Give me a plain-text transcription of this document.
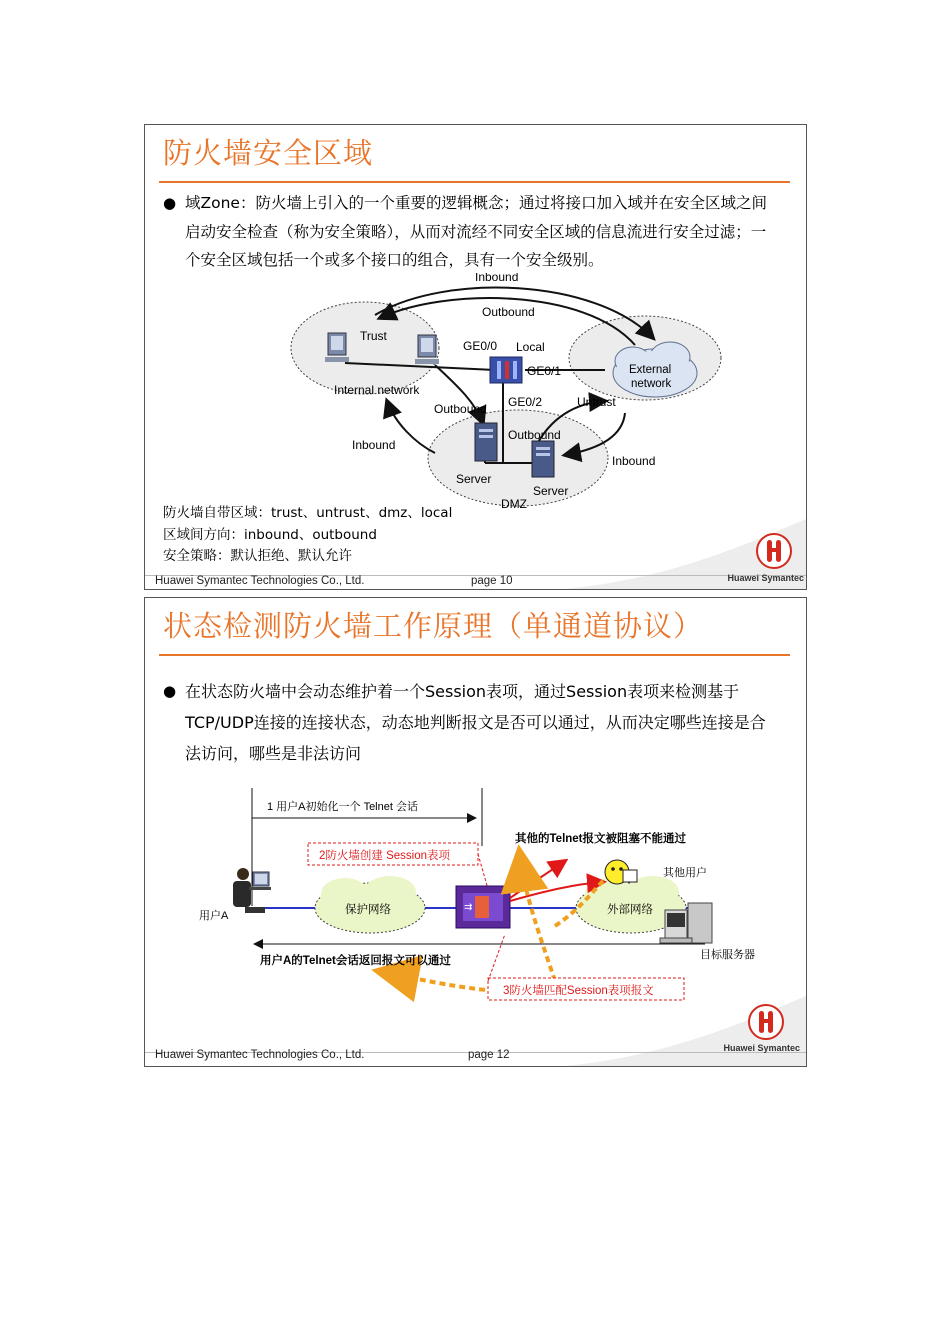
防火墙安全区域
● 域Zone：防火墙上引入的一个重要的逻辑概念；通过将接口加入域并在安全区域之间启动安全检查（称为安全策略），从而对流经不同安全区域的信息流进行安全过滤；一个安全区域包括一个或多个接口的组合，具有一个安全级别。
Inbound
Outbound
Trust
Internal network
GE0/0 Local
GE0/1
GE0/2
External
network
Untrust
Outbound
Inbound
Outbound
Inbound
Server
Server
DMZ
防火墙自带区域：trust、untrust、dmz、local
区域间方向：inbound、outbound
安全策略：默认拒绝、默认允许
Huawei Symantec
Huawei Symantec Technologies Co., Ltd.	page 10
状态检测防火墙工作原理（单通道协议）
● 在状态防火墙中会动态维护着一个Session表项，通过Session表项来检测基于TCP/UDP连接的连接状态，动态地判断报文是否可以通过，从而决定哪些连接是合法访问，哪些是非法访问
1 用户A初始化一个 Telnet 会话
2防火墙创建 Session表项
其他的Telnet报文被阻塞不能通过
用户A	保护网络	⇉	外部网络
其他用户
目标服务器
用户A的Telnet会话返回报文可以通过
3防火墙匹配Session表项报文
Huawei Symantec
Huawei Symantec Technologies Co., Ltd.	page 12
